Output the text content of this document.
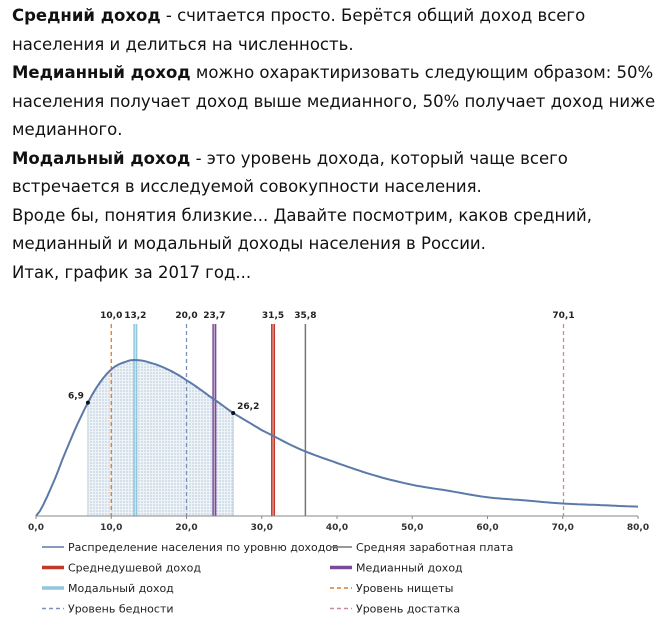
Средний доход - считается просто. Берётся общий доход всего населения и делиться на численность.

Медианный доход можно охарактиризовать следующим образом: 50% населения получает доход выше медианного, 50% получает доход ниже медианного.

Модальный доход - это уровень дохода, который чаще всего встречается в исследуемой совокупности населения.

Вроде бы, понятия близкие... Давайте посмотрим, каков средний, медианный и модальный доходы населения в России.

Итак, график за 2017 год...

10,0 13,2	20,0 23,7	31,5 35,8	70,1
6,9
26,2
0,0	10,0	20,0	30,0	40,0	50,0	60,0	70,0	80,0
Распределение населения по уровню доходов Средняя заработная плата
Среднедушевой доход	Медианный доход
Модальный доход	Уровень нищеты
Уровень бедности	Уровень достатка
